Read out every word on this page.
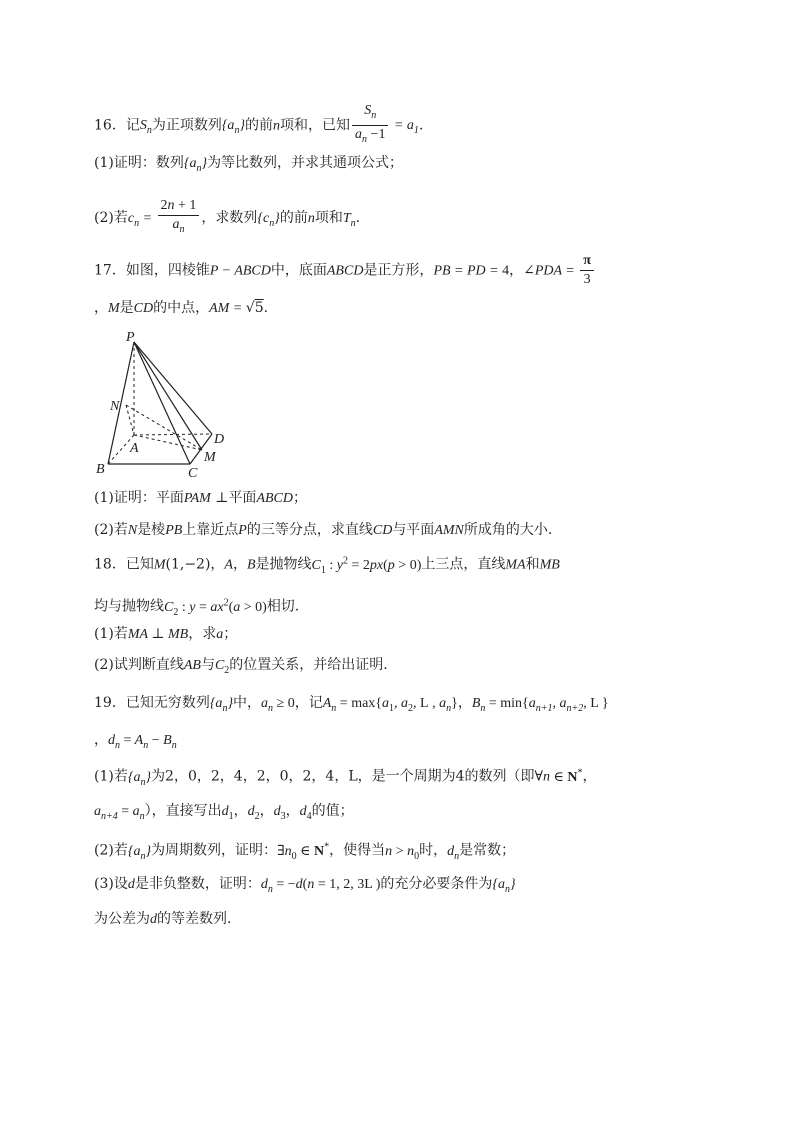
16．记$S_n$为正项数列$\{a_n\}$的前n项和，已知 $\frac{S_n}{a_n -1} = a_1$.
(1)证明：数列$\{a_n\}$为等比数列，并求其通项公式；
(2)若$c_n = \frac{2n + 1}{a_n}$ ，求数列$\{c_n\}$的前n项和$T_n$.
17．如图，四棱锥P − ABCD中，底面ABCD是正方形，PB = PD = 4，∠PDA = $\frac{\pi}{3}$
，M是CD的中点，AM = √5.
P
N
A
B	C
D
M
(1)证明：平面PAM ⊥平面ABCD；
(2)若N是棱PB上靠近点P的三等分点，求直线CD与平面AMN所成角的大小.
18．已知M(1,−2)，A，B是抛物线$C_1$ : $y^2 = 2px(p > 0)$上三点，直线MA和MB
均与抛物线$C_2$ : $y = ax^2(a > 0)$相切.
(1)若MA ⊥ MB，求a；
(2)试判断直线AB与$C_2$的位置关系，并给出证明.
19．已知无穷数列$\{a_n\}$中，$a_n \ge 0$，记$A_n = \max\{a_1$, $a_2$, L , $a_n$}，$B_n = \min\{a_{n+1}$, $a_{n+2}$, L }
，$d_n = A_n - B_n$
(1)若$\{a_n\}$为2，0，2，4，2，0，2，4，L，是一个周期为4的数列（即∀n ∈ N*，
$a_{n+4} = a_n$），直接写出$d_1$，$d_2$，$d_3$，$d_4$的值；
(2)若$\{a_n\}$为周期数列，证明：$\exists n_0$ ∈ N*，使得当$n > n_0$时，$d_n$是常数；
(3)设d是非负整数，证明：$d_n = -d(n = 1$, 2, 3L )的充分必要条件为$\{a_n\}$
为公差为d的等差数列.
